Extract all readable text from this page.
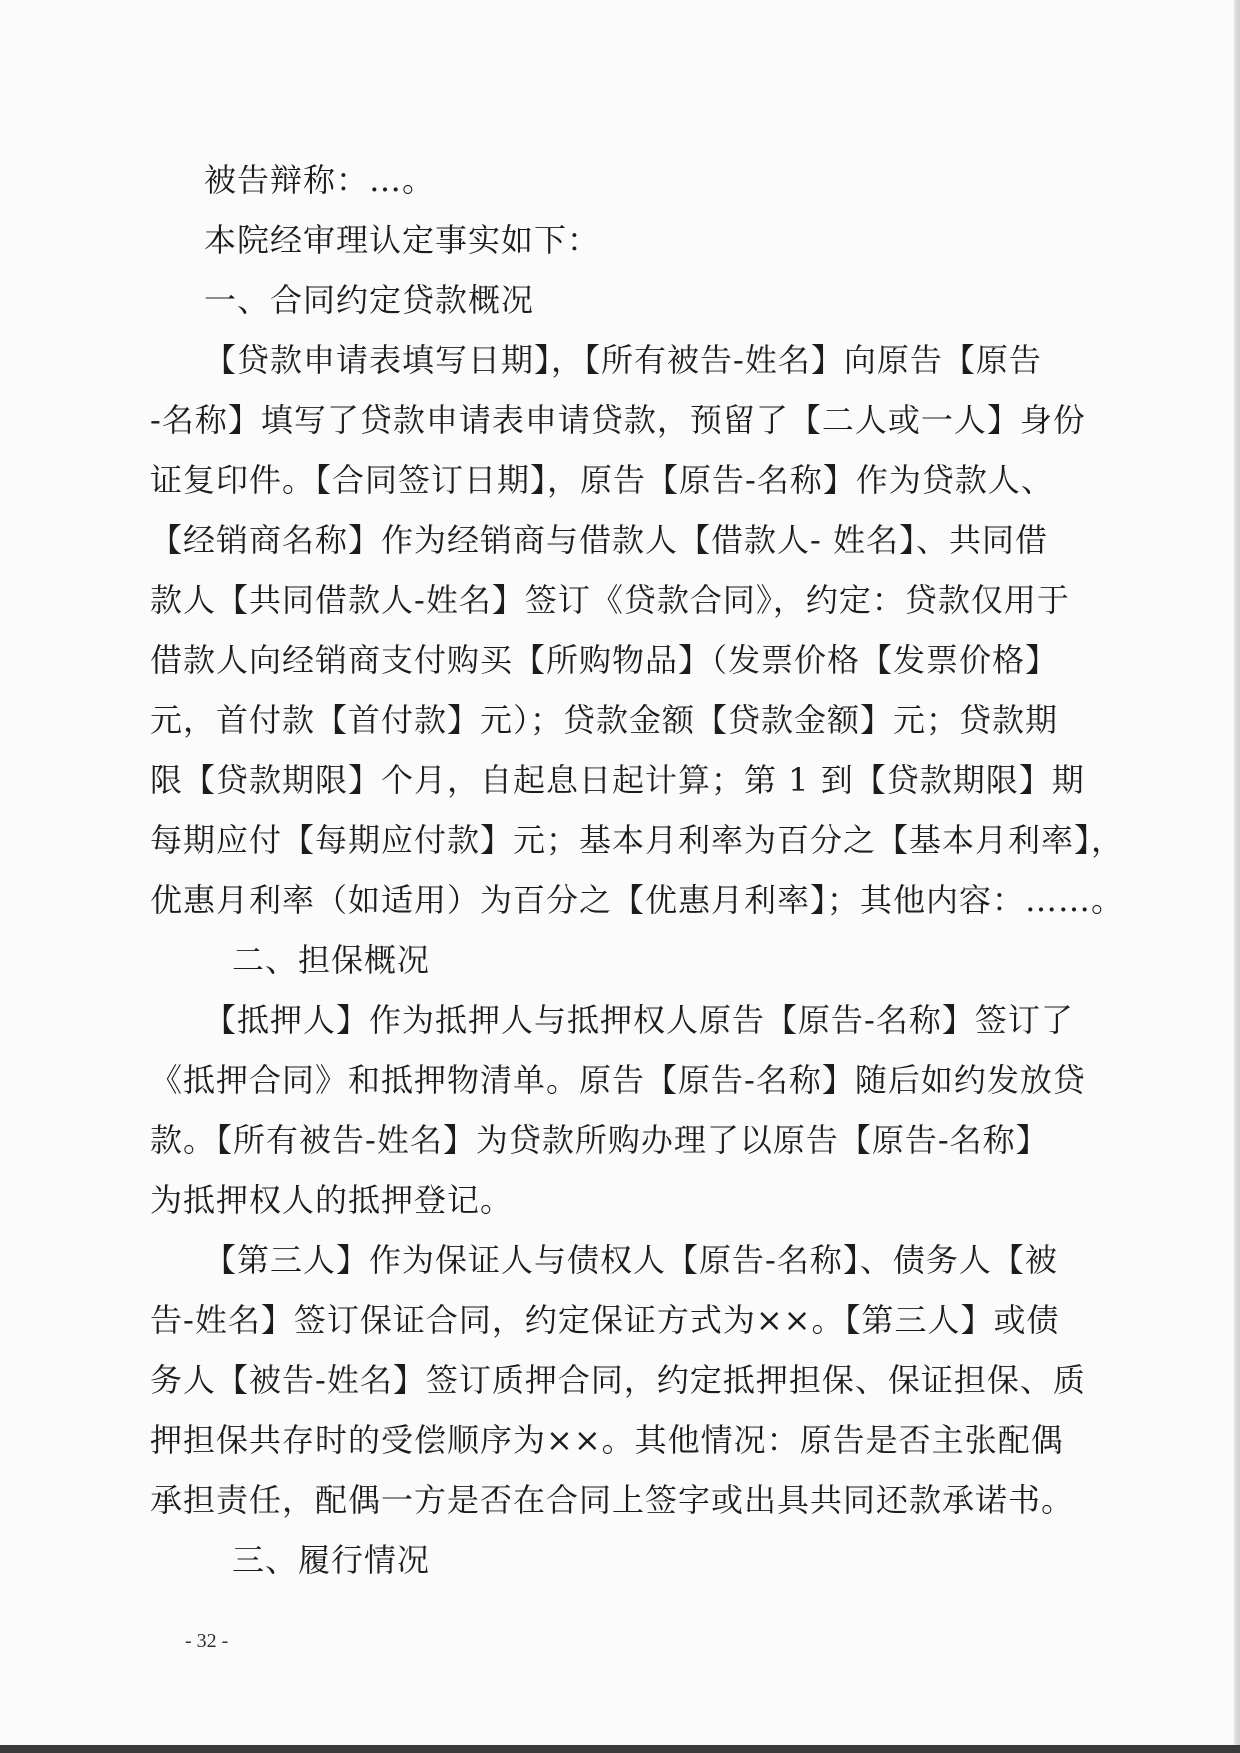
被告辩称：…。
本院经审理认定事实如下：
一、合同约定贷款概况
【贷款申请表填写日期】，【所有被告-姓名】向原告【原告
-名称】填写了贷款申请表申请贷款，预留了【二人或一人】身份
证复印件。【合同签订日期】，原告【原告-名称】作为贷款人、
【经销商名称】作为经销商与借款人【借款人- 姓名】、共同借
款人【共同借款人-姓名】签订《贷款合同》，约定：贷款仅用于
借款人向经销商支付购买【所购物品】（发票价格【发票价格】
元，首付款【首付款】元）；贷款金额【贷款金额】元；贷款期
限【贷款期限】个月，自起息日起计算；第 1 到【贷款期限】期
每期应付【每期应付款】元；基本月利率为百分之【基本月利率】，
优惠月利率（如适用）为百分之【优惠月利率】；其他内容：……。
二、担保概况
【抵押人】作为抵押人与抵押权人原告【原告-名称】签订了
《抵押合同》和抵押物清单。原告【原告-名称】随后如约发放贷
款。【所有被告-姓名】为贷款所购办理了以原告【原告-名称】
为抵押权人的抵押登记。
【第三人】作为保证人与债权人【原告-名称】、债务人【被
告-姓名】签订保证合同，约定保证方式为××。【第三人】或债
务人【被告-姓名】签订质押合同，约定抵押担保、保证担保、质
押担保共存时的受偿顺序为××。其他情况：原告是否主张配偶
承担责任，配偶一方是否在合同上签字或出具共同还款承诺书。
三、履行情况
- 32 -
